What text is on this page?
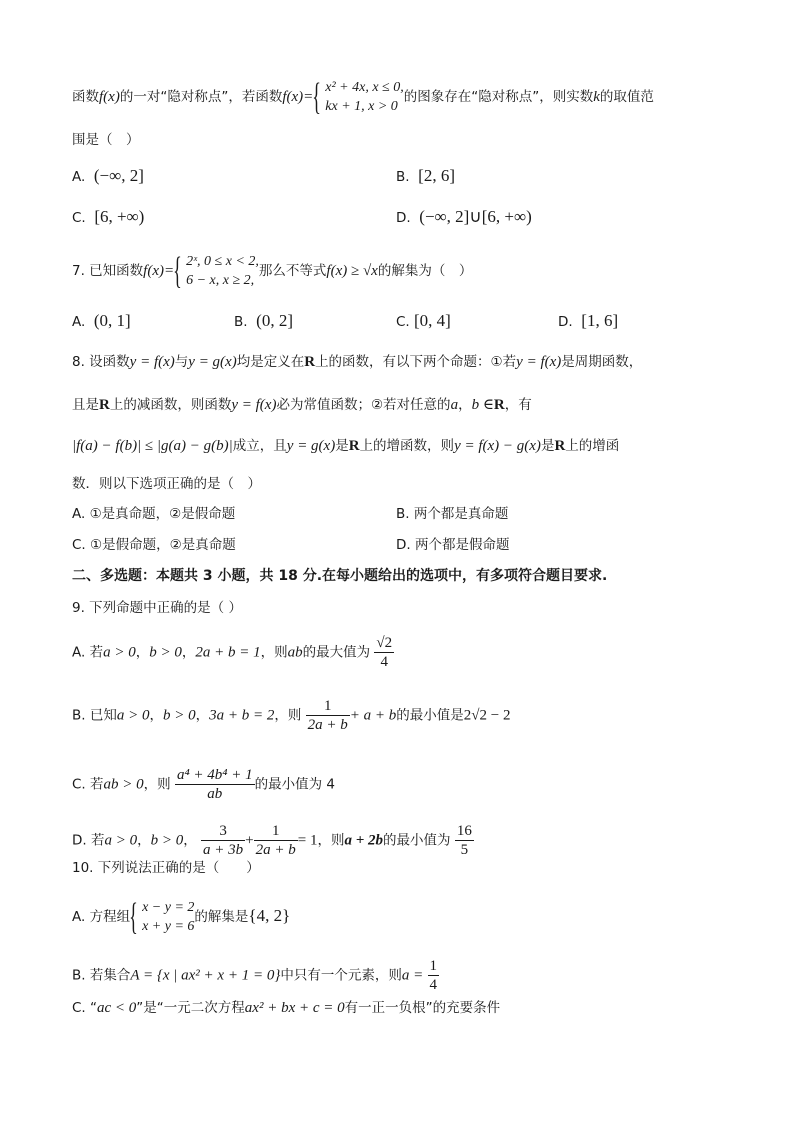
函数f(x)的一对“隐对称点”，若函数f(x)=
{ x² + 4x, x ≤ 0,
kx + 1, x > 0
的图象存在“隐对称点”，则实数k的取值范
围是（　）
A. (−∞, 2]	B. [2, 6]
C. [6, +∞)	D. (−∞, 2]∪[6, +∞)
7. 已知函数f(x)=
{ 2ˣ, 0 ≤ x < 2,
6 − x, x ≥ 2,
那么不等式f(x) ≥ √x的解集为（　）
A. (0, 1]	B. (0, 2]	C. [0, 4]	D. [1, 6]
8. 设函数y = f(x)与y = g(x)均是定义在R上的函数，有以下两个命题：①若y = f(x)是周期函数，
且是R上的减函数，则函数y = f(x)必为常值函数；②若对任意的a，b ∈R，有
|f(a) − f(b)| ≤ |g(a) − g(b)|成立，且y = g(x)是R上的增函数，则y = f(x) − g(x)是R上的增函
数．则以下选项正确的是（　）
A. ①是真命题，②是假命题	B. 两个都是真命题
C. ①是假命题，②是真命题	D. 两个都是假命题
二、多选题：本题共 3 小题，共 18 分.在每小题给出的选项中，有多项符合题目要求.
9. 下列命题中正确的是（ ）
A. 若a > 0，b > 0，2a + b = 1，则ab的最大值为 $\frac{√2}{4}$
B. 已知a > 0，b > 0，3a + b = 2，则 $\frac{1}{2a + b} + a + b$的最小值是2√2 − 2
C. 若ab > 0，则 $\frac{\text{a⁴ + 4b⁴ + 1}}{ab}$ 的最小值为 4
D. 若a > 0，b > 0， $\frac{3}{a + 3b} + \frac{1}{2a + b} = 1$，则a + 2b的最小值为 $\frac{16}{5}$
10. 下列说法正确的是（　　）
A. 方程组
{ x − y = 2
x + y = 6
的解集是{4, 2}
B. 若集合A = {x | ax² + x + 1 = 0}中只有一个元素，则$a = \frac{1}{4}$
C. “ac < 0”是“一元二次方程ax² + bx + c = 0有一正一负根”的充要条件
